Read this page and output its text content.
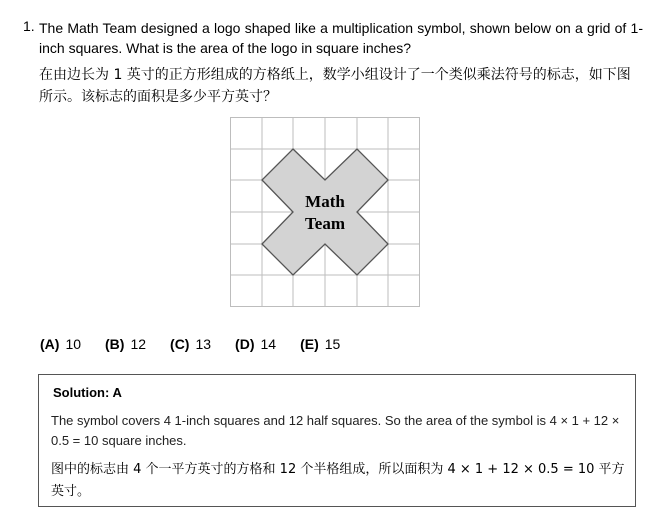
1. The Math Team designed a logo shaped like a multiplication symbol, shown below on a grid of 1-inch squares. What is the area of the logo in square inches?
在由边长为 1 英寸的正方形组成的方格纸上，数学小组设计了一个类似乘法符号的标志，如下图所示。该标志的面积是多少平方英寸？
Math
Team
(A) 10 (B) 12 (C) 13 (D) 14 (E) 15
Solution: A
The symbol covers 4 1-inch squares and 12 half squares. So the area of the symbol is 4 × 1 + 12 × 0.5 = 10 square inches.
图中的标志由 4 个一平方英寸的方格和 12 个半格组成，所以面积为 4 × 1 + 12 × 0.5 = 10 平方英寸。
